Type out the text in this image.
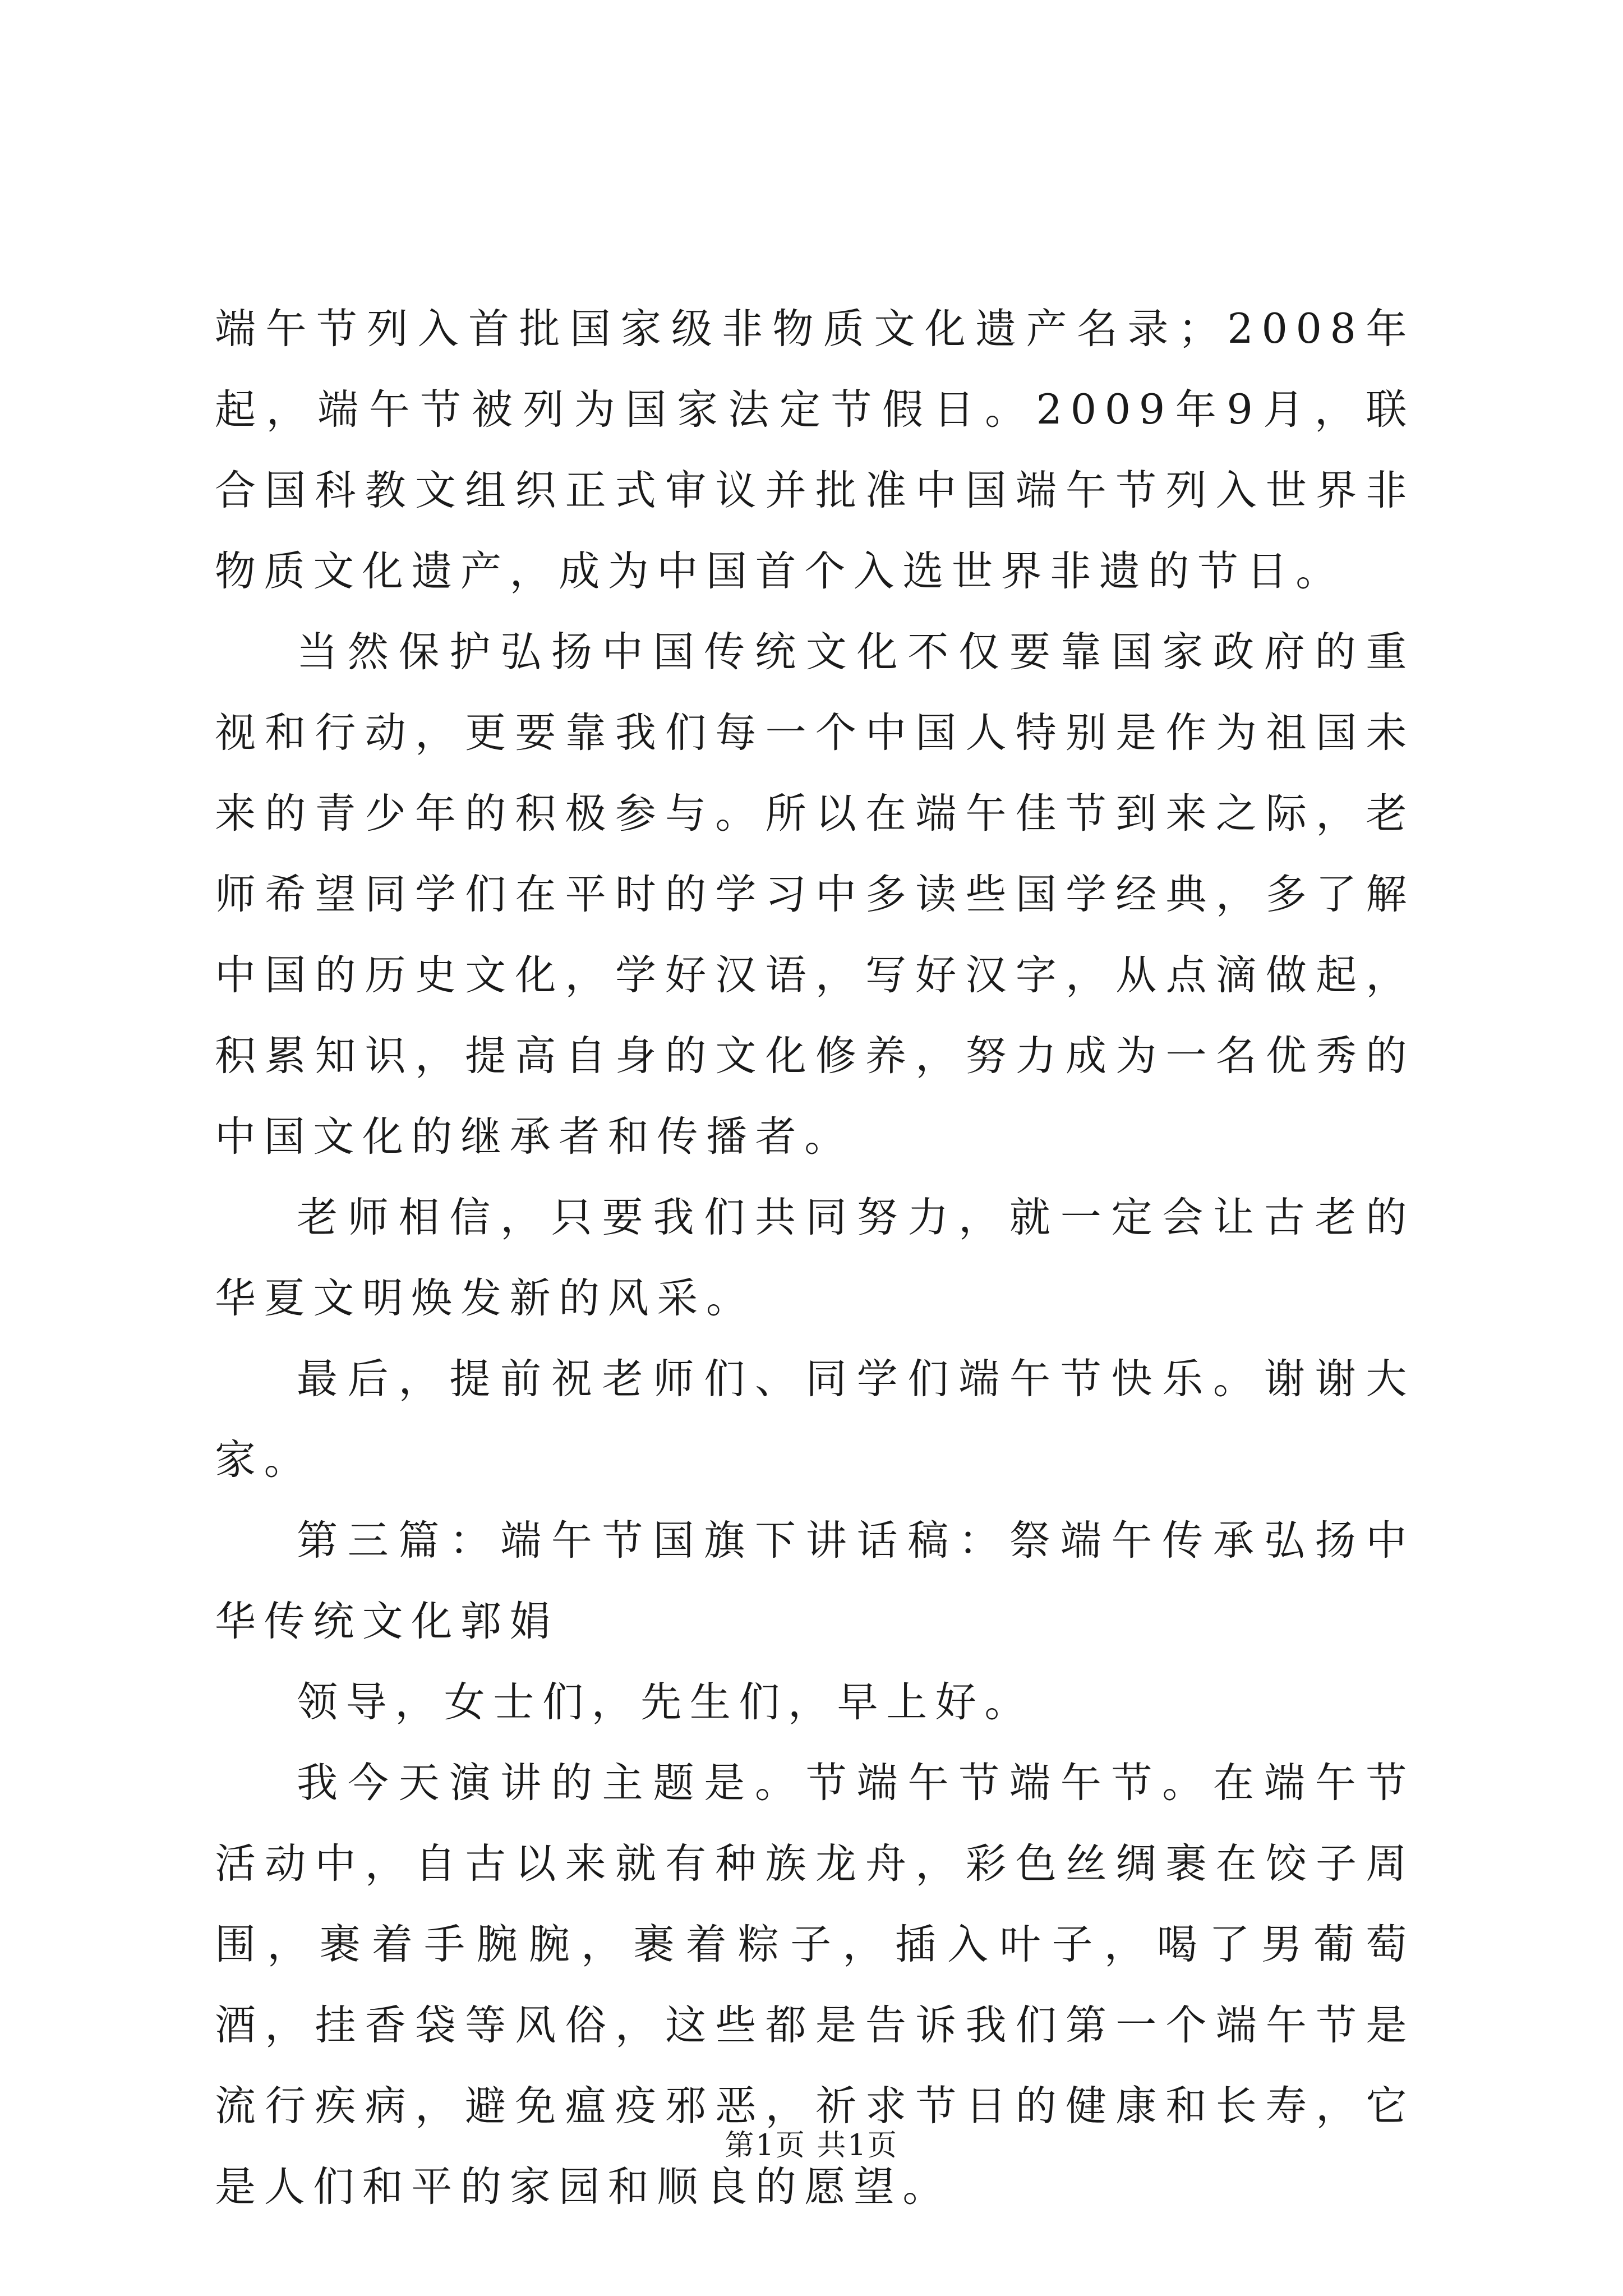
端午节列入首批国家级非物质文化遗产名录；2008年起，端午节被列为国家法定节假日。2009年9月，联合国科教文组织正式审议并批准中国端午节列入世界非物质文化遗产，成为中国首个入选世界非遗的节日。

当然保护弘扬中国传统文化不仅要靠国家政府的重视和行动，更要靠我们每一个中国人特别是作为祖国未来的青少年的积极参与。所以在端午佳节到来之际，老师希望同学们在平时的学习中多读些国学经典，多了解中国的历史文化，学好汉语，写好汉字，从点滴做起，积累知识，提高自身的文化修养，努力成为一名优秀的中国文化的继承者和传播者。

老师相信，只要我们共同努力，就一定会让古老的华夏文明焕发新的风采。

最后，提前祝老师们、同学们端午节快乐。谢谢大家。

第三篇：端午节国旗下讲话稿：祭端午传承弘扬中华传统文化郭娟

领导，女士们，先生们，早上好。

我今天演讲的主题是。节端午节端午节。在端午节活动中，自古以来就有种族龙舟，彩色丝绸裹在饺子周围，裹着手腕腕，裹着粽子，插入叶子，喝了男葡萄酒，挂香袋等风俗，这些都是告诉我们第一个端午节是流行疾病，避免瘟疫邪恶，祈求节日的健康和长寿，它是人们和平的家园和顺良的愿望。

第1页 共1页
